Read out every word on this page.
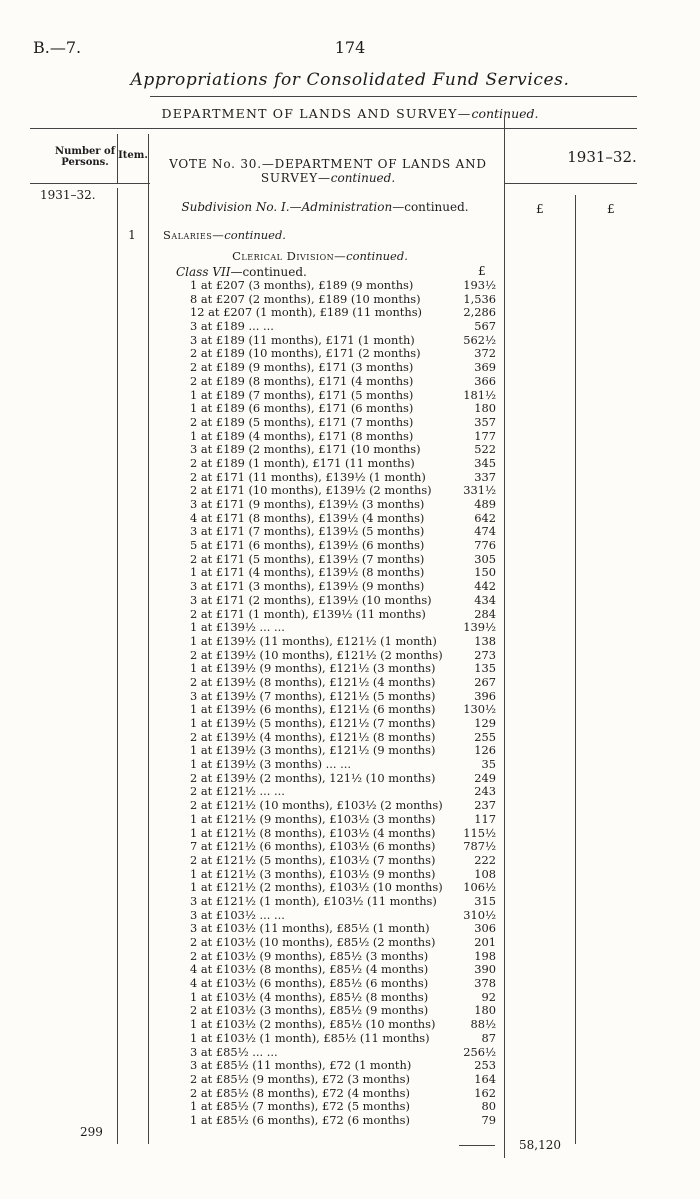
B.—7.	174
Appropriations for Consolidated Fund Services.
DEPARTMENT OF LANDS AND SURVEY—continued.
Number of Persons.
Item.
VOTE No. 30.—DEPARTMENT OF LANDS AND
SURVEY—continued.
1931–32.
1931–32.
Subdivision No. I.—Administration—continued.	£	£
1	Salaries—continued.
Clerical Division—continued.
Class VII—continued.	£
1 at £207 (3 months), £189 (9 months)	193½
8 at £207 (2 months), £189 (10 months)	1,536
12 at £207 (1 month), £189 (11 months)	2,286
3 at £189 ... ...	567
3 at £189 (11 months), £171 (1 month)	562½
2 at £189 (10 months), £171 (2 months)	372
2 at £189 (9 months), £171 (3 months)	369
2 at £189 (8 months), £171 (4 months)	366
1 at £189 (7 months), £171 (5 months)	181½
1 at £189 (6 months), £171 (6 months)	180
2 at £189 (5 months), £171 (7 months)	357
1 at £189 (4 months), £171 (8 months)	177
3 at £189 (2 months), £171 (10 months)	522
2 at £189 (1 month), £171 (11 months)	345
2 at £171 (11 months), £139½ (1 month)	337
2 at £171 (10 months), £139½ (2 months)	331½
3 at £171 (9 months), £139½ (3 months)	489
4 at £171 (8 months), £139½ (4 months)	642
3 at £171 (7 months), £139½ (5 months)	474
5 at £171 (6 months), £139½ (6 months)	776
2 at £171 (5 months), £139½ (7 months)	305
1 at £171 (4 months), £139½ (8 months)	150
3 at £171 (3 months), £139½ (9 months)	442
3 at £171 (2 months), £139½ (10 months)	434
2 at £171 (1 month), £139½ (11 months)	284
1 at £139½ ... ...	139½
1 at £139½ (11 months), £121½ (1 month)	138
2 at £139½ (10 months), £121½ (2 months)	273
1 at £139½ (9 months), £121½ (3 months)	135
2 at £139½ (8 months), £121½ (4 months)	267
3 at £139½ (7 months), £121½ (5 months)	396
1 at £139½ (6 months), £121½ (6 months)	130½
1 at £139½ (5 months), £121½ (7 months)	129
2 at £139½ (4 months), £121½ (8 months)	255
1 at £139½ (3 months), £121½ (9 months)	126
1 at £139½ (3 months) ... ...	35
2 at £139½ (2 months), 121½ (10 months)	249
2 at £121½ ... ...	243
2 at £121½ (10 months), £103½ (2 months)	237
1 at £121½ (9 months), £103½ (3 months)	117
1 at £121½ (8 months), £103½ (4 months)	115½
7 at £121½ (6 months), £103½ (6 months)	787½
2 at £121½ (5 months), £103½ (7 months)	222
1 at £121½ (3 months), £103½ (9 months)	108
1 at £121½ (2 months), £103½ (10 months)	106½
3 at £121½ (1 month), £103½ (11 months)	315
3 at £103½ ... ...	310½
3 at £103½ (11 months), £85½ (1 month)	306
2 at £103½ (10 months), £85½ (2 months)	201
2 at £103½ (9 months), £85½ (3 months)	198
4 at £103½ (8 months), £85½ (4 months)	390
4 at £103½ (6 months), £85½ (6 months)	378
1 at £103½ (4 months), £85½ (8 months)	92
2 at £103½ (3 months), £85½ (9 months)	180
1 at £103½ (2 months), £85½ (10 months)	88½
1 at £103½ (1 month), £85½ (11 months)	87
3 at £85½ ... ...	256½
3 at £85½ (11 months), £72 (1 month)	253
2 at £85½ (9 months), £72 (3 months)	164
2 at £85½ (8 months), £72 (4 months)	162
1 at £85½ (7 months), £72 (5 months)	80
1 at £85½ (6 months), £72 (6 months)	79
299
58,120
